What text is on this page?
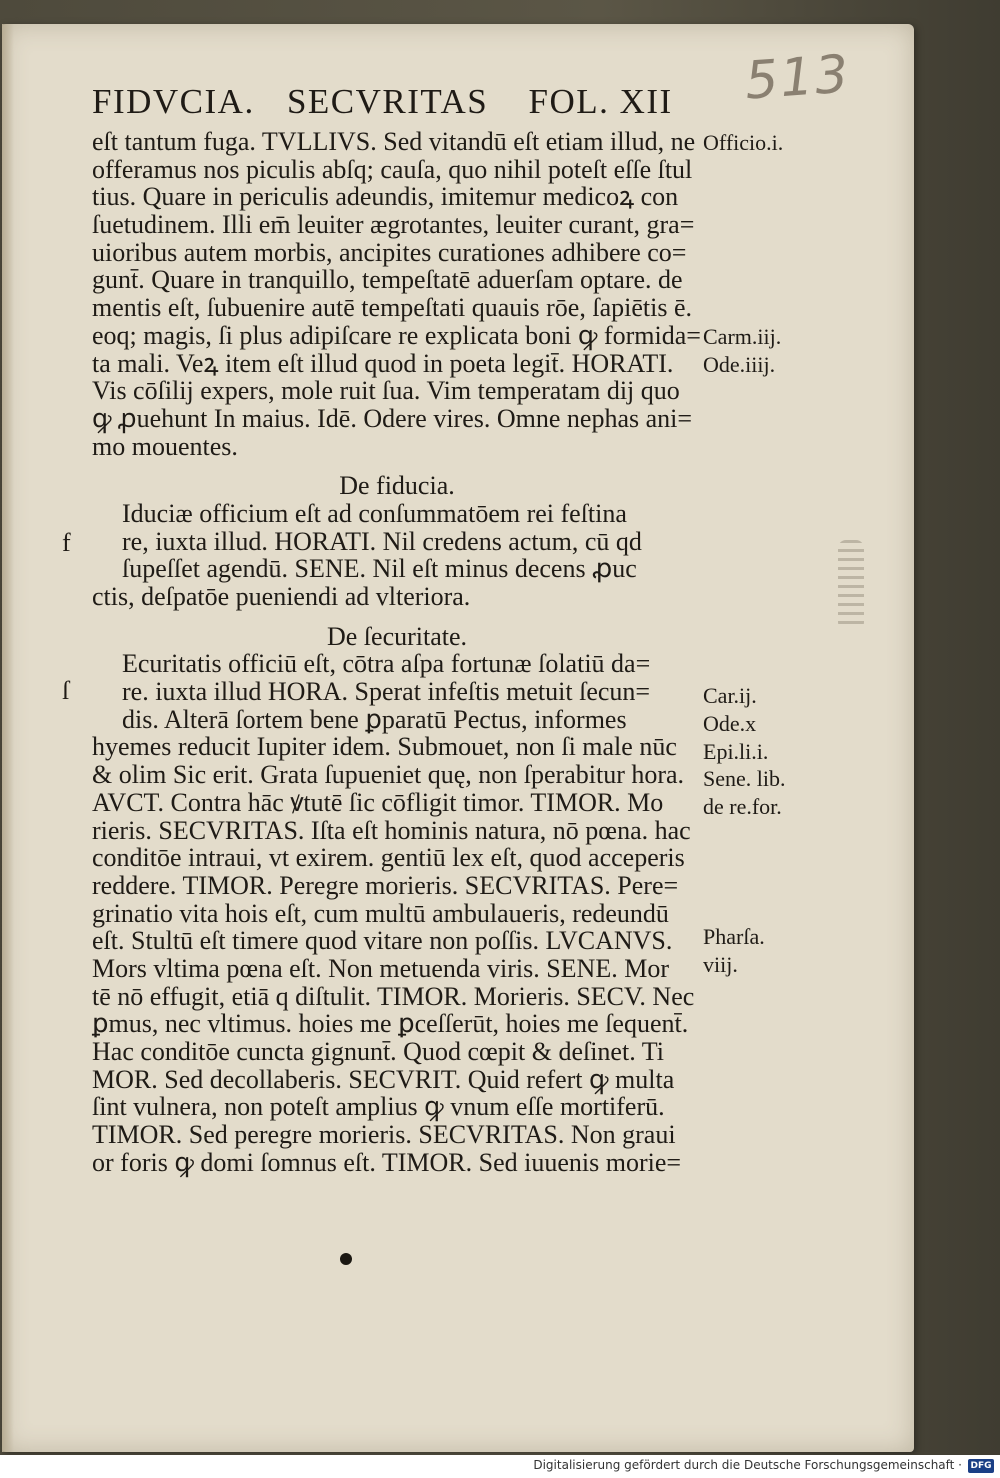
FIDVCIA. SECVRITAS FOL. XII	513
eſt tantum fuga. TVLLIVS. Sed vitandū eſt etiam illud, ne
offeramus nos piculis abſq; cauſa, quo nihil poteſt eſſe ſtul
tius. Quare in periculis adeundis, imitemur medicoꝝ con
ſuetudinem. Illi em̄ leuiter ægrotantes, leuiter curant, gra=
uioribus autem morbis, ancipites curationes adhibere co=
gunt̄. Quare in tranquillo, tempeſtatē aduerſam optare. de
mentis eſt, ſubuenire autē tempeſtati quauis rōe, ſapiētis ē.
eoq; magis, ſi plus adipiſcare re explicata boni ꝙ formida=
ta mali. Veꝝ item eſt illud quod in poeta legit̄. HORATI.
Vis cōſilij expers, mole ruit ſua. Vim temperatam dij quo
ꝙ ꝓuehunt In maius. Idē. Odere vires. Omne nephas ani=
mo mouentes.
De fiducia.
Iduciæ officium eſt ad conſummatōem rei feſtina
re, iuxta illud. HORATI. Nil credens actum, cū qd
ſupeſſet agendū. SENE. Nil eſt minus decens ꝓuc
ctis, deſpatōe pueniendi ad vlteriora.
De ſecuritate.
Ecuritatis officiū eſt, cōtra aſpa fortunæ ſolatiū da=
re. iuxta illud HORA. Sperat infeſtis metuit ſecun=
dis. Alterā ſortem bene ꝑparatū Pectus, informes
hyemes reducit Iupiter idem. Submouet, non ſi male nūc
& olim Sic erit. Grata ſupueniet quę, non ſperabitur hora.
AVCT. Contra hāc ꝟtutē ſic cōfligit timor. TIMOR. Mo
rieris. SECVRITAS. Iſta eſt hominis natura, nō pœna. hac
conditōe intraui, vt exirem. gentiū lex eſt, quod acceperis
reddere. TIMOR. Peregre morieris. SECVRITAS. Pere=
grinatio vita hois eſt, cum multū ambulaueris, redeundū
eſt. Stultū eſt timere quod vitare non poſſis. LVCANVS.
Mors vltima pœna eſt. Non metuenda viris. SENE. Mor
tē nō effugit, etiā q diſtulit. TIMOR. Morieris. SECV. Nec
ꝑmus, nec vltimus. hoies me ꝑceſſerūt, hoies me ſequent̄.
Hac conditōe cuncta gignunt̄. Quod cœpit & deſinet. Ti
MOR. Sed decollaberis. SECVRIT. Quid refert ꝙ multa
ſint vulnera, non poteſt amplius ꝙ vnum eſſe mortiferū.
TIMOR. Sed peregre morieris. SECVRITAS. Non graui
or foris ꝙ domi ſomnus eſt. TIMOR. Sed iuuenis morie=
f
ſ
Officio.i.
Carm.iij.
Ode.iiij.
Car.ij.
Ode.x
Epi.li.i.
Sene. lib.
de re.for.
Pharſa.
viij.
Digitalisierung gefördert durch die Deutsche Forschungsgemeinschaft · DFG
